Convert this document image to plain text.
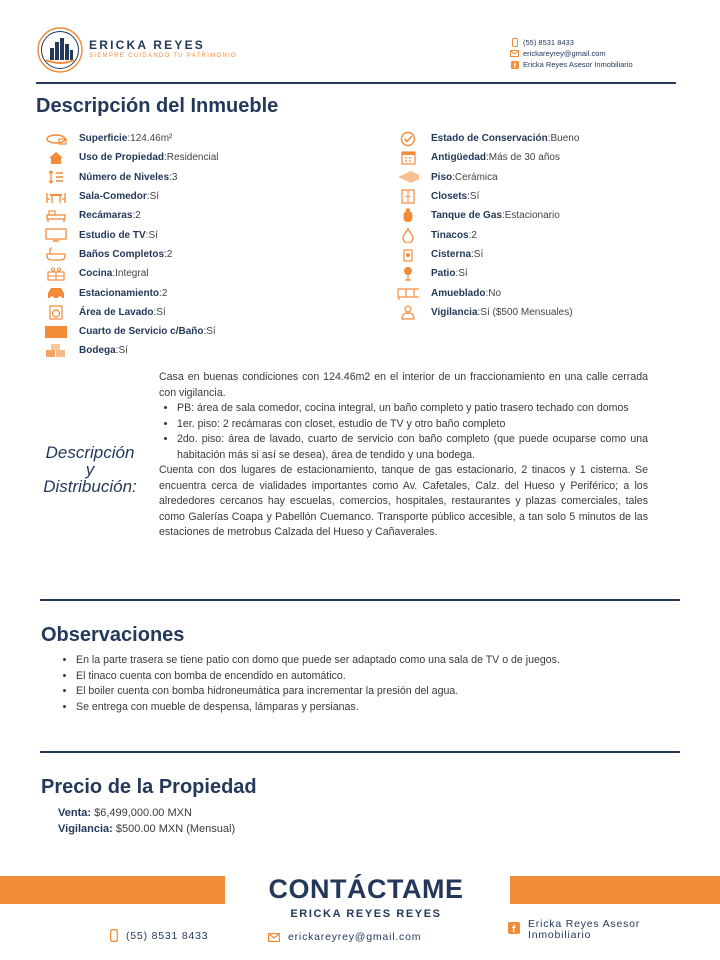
ERICKA REYES
SIEMPRE CUIDANDO TU PATRIMONIO
(55) 8531 8433
erickareyrey@gmail.com
f Ericka Reyes Asesor Inmobiliario
Descripción del Inmueble
Superficie : 124.46m²
Uso de Propiedad : Residencial
Número de Niveles : 3
Sala-Comedor : Sí
Recámaras : 2
Estudio de TV : Sí
Baños Completos : 2
Cocina : Integral
Estacionamiento : 2
Área de Lavado : Sí
Cuarto de Servicio c/Baño : Sí
Bodega : Sí
Estado de Conservación : Bueno
Antigüedad : Más de 30 años
Piso : Cerámica
Closets : Sí
Tanque de Gas : Estacionario
Tinacos : 2
Cisterna : Sí
Patio : Sí
Amueblado : No
Vigilancia : Sí ($500 Mensuales)
Descripción
y
Distribución:

Casa en buenas condiciones con 124.46m2 en el interior de un fraccionamiento en una calle cerrada con vigilancia.

• PB: área de sala comedor, cocina integral, un baño completo y patio trasero techado con domos
• 1er. piso: 2 recámaras con closet, estudio de TV y otro baño completo
• 2do. piso: área de lavado, cuarto de servicio con baño completo (que puede ocuparse como una habitación más si así se desea), área de tendido y una bodega.

Cuenta con dos lugares de estacionamiento, tanque de gas estacionario, 2 tinacos y 1 cisterna. Se encuentra cerca de vialidades importantes como Av. Cafetales, Calz. del Hueso y Periférico; a los alrededores cercanos hay escuelas, comercios, hospitales, restaurantes y plazas comerciales, tales como Galerías Coapa y Pabellón Cuemanco. Transporte público accesible, a tan solo 5 minutos de las estaciones de metrobus Calzada del Hueso y Cañaverales.

Observaciones
• En la parte trasera se tiene patio con domo que puede ser adaptado como una sala de TV o de juegos.
• El tinaco cuenta con bomba de encendido en automático.
• El boiler cuenta con bomba hidroneumática para incrementar la presión del agua.
• Se entrega con mueble de despensa, lámparas y persianas.
Precio de la Propiedad
Venta: $6,499,000.00 MXN
Vigilancia: $500.00 MXN (Mensual)
CONTÁCTAME
ERICKA REYES REYES
(55) 8531 8433	erickareyrey@gmail.com
f Ericka Reyes Asesor
Inmobiliario
